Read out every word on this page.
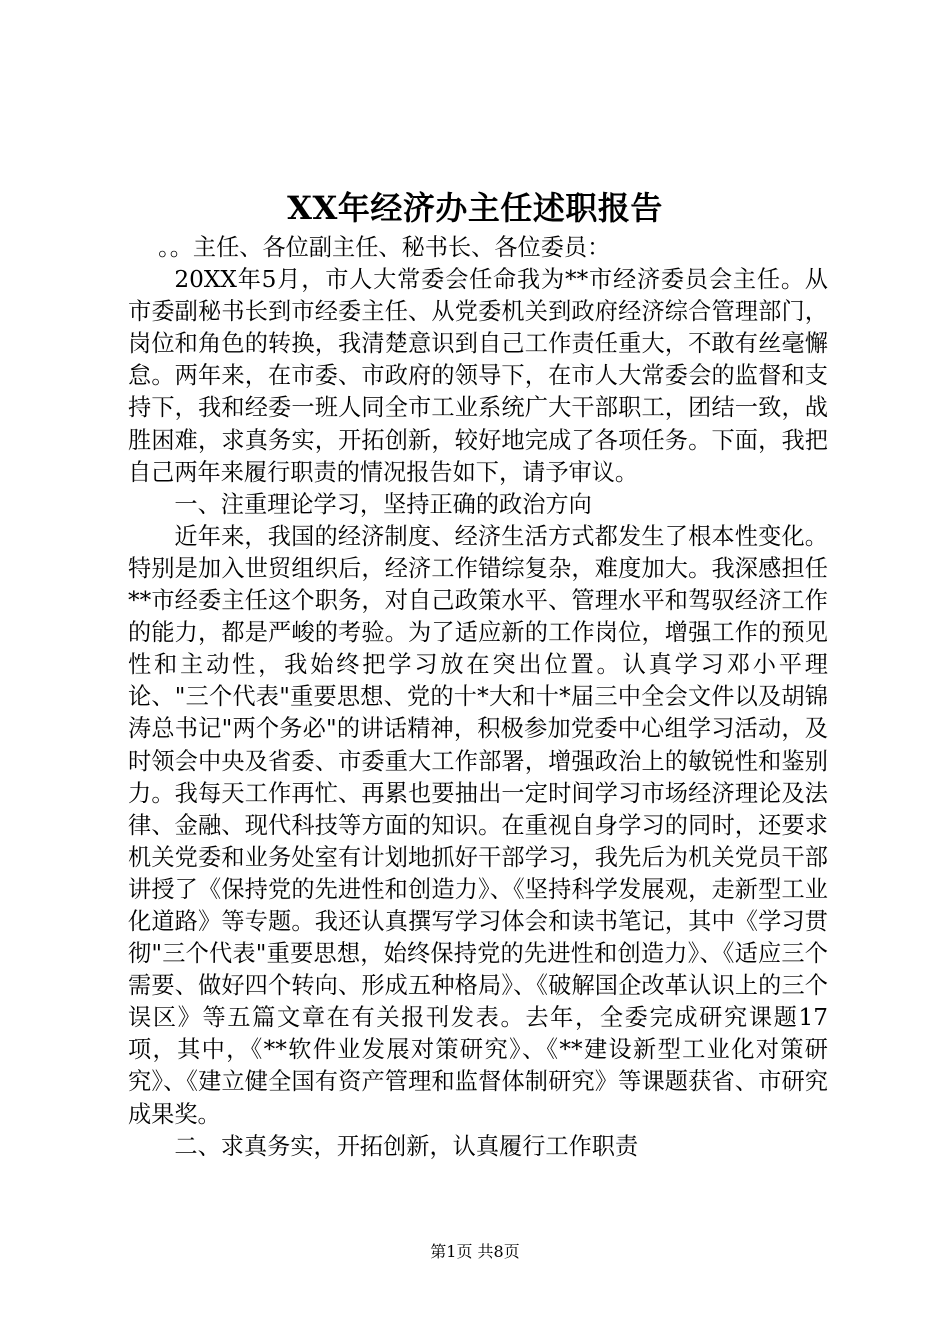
XX年经济办主任述职报告

。。主任、各位副主任、秘书长、各位委员：

20XX年5月，市人大常委会任命我为**市经济委员会主任。从市委副秘书长到市经委主任、从党委机关到政府经济综合管理部门，岗位和角色的转换，我清楚意识到自己工作责任重大，不敢有丝毫懈怠。两年来，在市委、市政府的领导下，在市人大常委会的监督和支持下，我和经委一班人同全市工业系统广大干部职工，团结一致，战胜困难，求真务实，开拓创新，较好地完成了各项任务。下面，我把自己两年来履行职责的情况报告如下，请予审议。

一、注重理论学习，坚持正确的政治方向

近年来，我国的经济制度、经济生活方式都发生了根本性变化。特别是加入世贸组织后，经济工作错综复杂，难度加大。我深感担任**市经委主任这个职务，对自己政策水平、管理水平和驾驭经济工作的能力，都是严峻的考验。为了适应新的工作岗位，增强工作的预见性和主动性，我始终把学习放在突出位置。认真学习邓小平理论、"三个代表"重要思想、党的十*大和十*届三中全会文件以及胡锦涛总书记"两个务必"的讲话精神，积极参加党委中心组学习活动，及时领会中央及省委、市委重大工作部署，增强政治上的敏锐性和鉴别力。我每天工作再忙、再累也要抽出一定时间学习市场经济理论及法律、金融、现代科技等方面的知识。在重视自身学习的同时，还要求机关党委和业务处室有计划地抓好干部学习，我先后为机关党员干部讲授了《保持党的先进性和创造力》、《坚持科学发展观，走新型工业化道路》等专题。我还认真撰写学习体会和读书笔记，其中《学习贯彻"三个代表"重要思想，始终保持党的先进性和创造力》、《适应三个需要、做好四个转向、形成五种格局》、《破解国企改革认识上的三个误区》等五篇文章在有关报刊发表。去年，全委完成研究课题17项，其中，《**软件业发展对策研究》、《**建设新型工业化对策研究》、《建立健全国有资产管理和监督体制研究》等课题获省、市研究成果奖。

二、求真务实，开拓创新，认真履行工作职责

第1页 共8页
